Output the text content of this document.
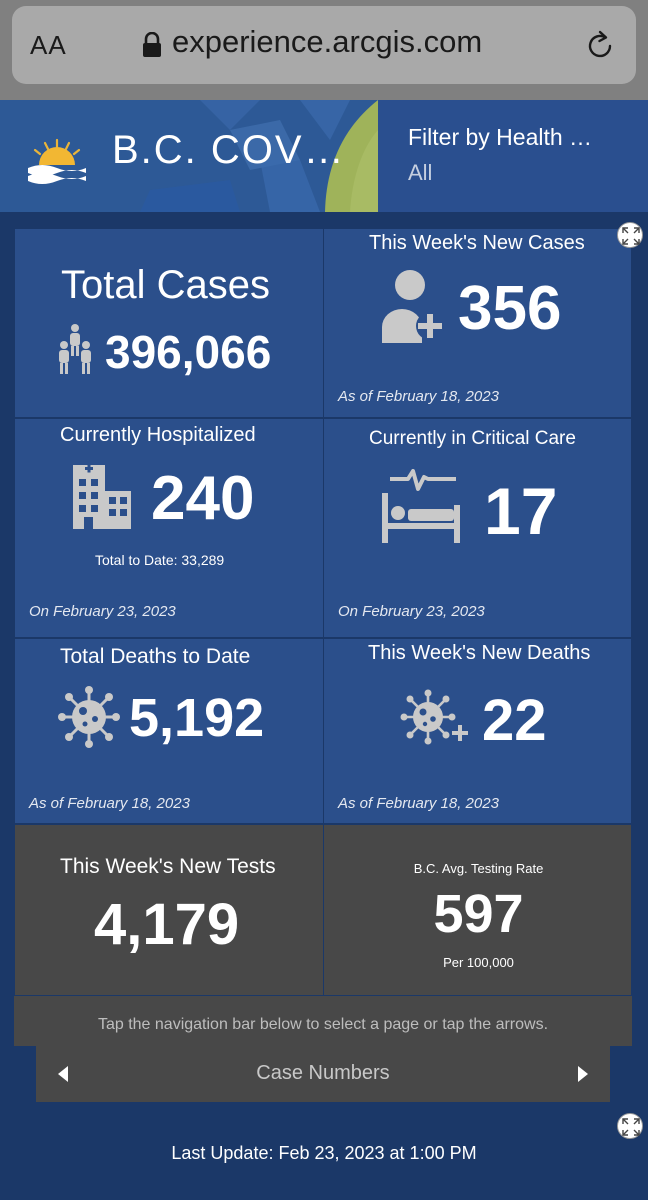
AA	experience.arcgis.com
B.C. COV…	Filter by Health …
All
Total Cases
396,066
This Week's New Cases
356
As of February 18, 2023
Currently Hospitalized
240
Total to Date: 33,289
On February 23, 2023
Currently in Critical Care
17
On February 23, 2023
Total Deaths to Date
5,192
As of February 18, 2023
This Week's New Deaths
22
As of February 18, 2023
This Week's New Tests
4,179
B.C. Avg. Testing Rate
597
Per 100,000
Tap the navigation bar below to select a page or tap the arrows.
Case Numbers
Last Update: Feb 23, 2023 at 1:00 PM
